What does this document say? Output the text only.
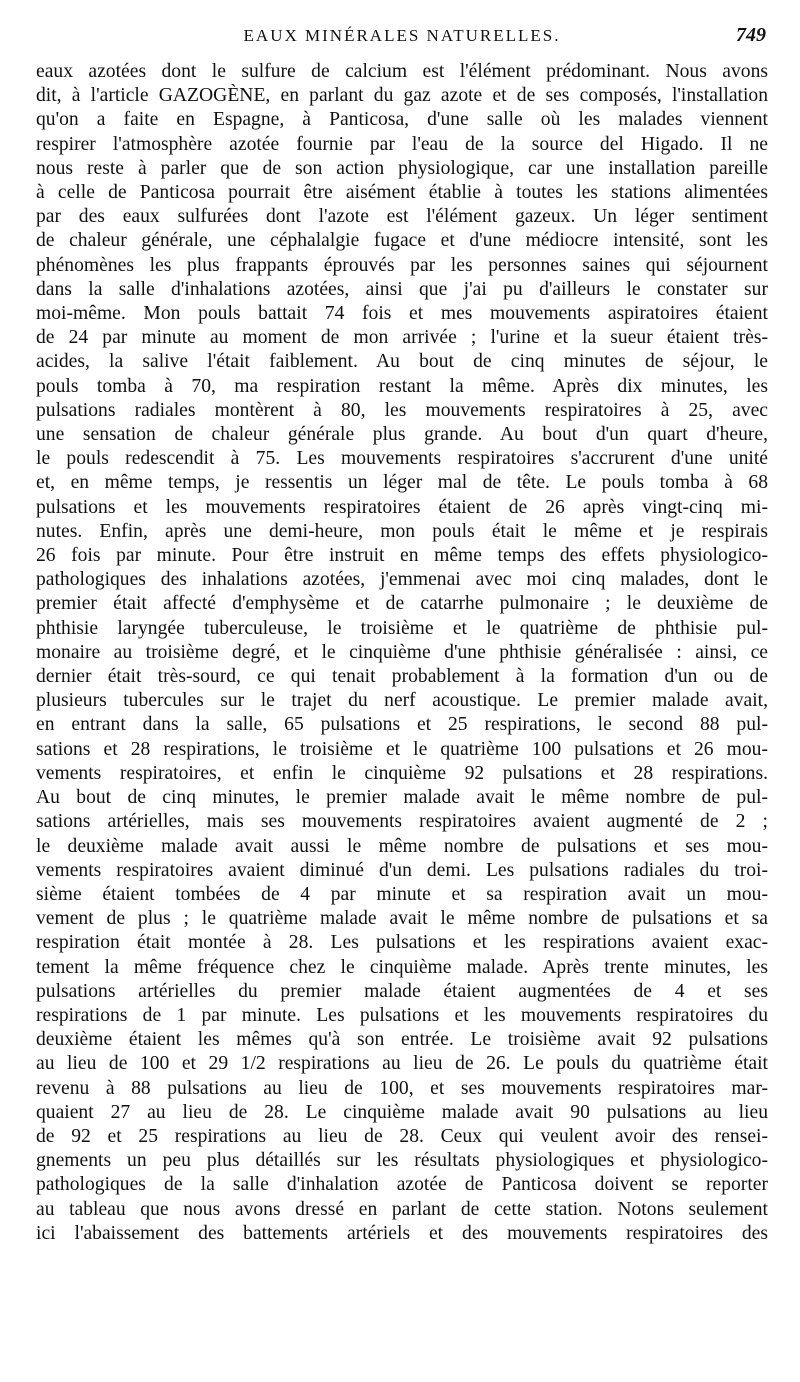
EAUX MINÉRALES NATURELLES.	749
eaux azotées dont le sulfure de calcium est l'élément prédominant. Nous avons
dit, à l'article GAZOGÈNE, en parlant du gaz azote et de ses composés, l'installation
qu'on a faite en Espagne, à Panticosa, d'une salle où les malades viennent
respirer l'atmosphère azotée fournie par l'eau de la source del Higado. Il ne
nous reste à parler que de son action physiologique, car une installation pareille
à celle de Panticosa pourrait être aisément établie à toutes les stations alimentées
par des eaux sulfurées dont l'azote est l'élément gazeux. Un léger sentiment
de chaleur générale, une céphalalgie fugace et d'une médiocre intensité, sont les
phénomènes les plus frappants éprouvés par les personnes saines qui séjournent
dans la salle d'inhalations azotées, ainsi que j'ai pu d'ailleurs le constater sur
moi-même. Mon pouls battait 74 fois et mes mouvements aspiratoires étaient
de 24 par minute au moment de mon arrivée ; l'urine et la sueur étaient très-
acides, la salive l'était faiblement. Au bout de cinq minutes de séjour, le
pouls tomba à 70, ma respiration restant la même. Après dix minutes, les
pulsations radiales montèrent à 80, les mouvements respiratoires à 25, avec
une sensation de chaleur générale plus grande. Au bout d'un quart d'heure,
le pouls redescendit à 75. Les mouvements respiratoires s'accrurent d'une unité
et, en même temps, je ressentis un léger mal de tête. Le pouls tomba à 68
pulsations et les mouvements respiratoires étaient de 26 après vingt-cinq mi-
nutes. Enfin, après une demi-heure, mon pouls était le même et je respirais
26 fois par minute. Pour être instruit en même temps des effets physiologico-
pathologiques des inhalations azotées, j'emmenai avec moi cinq malades, dont le
premier était affecté d'emphysème et de catarrhe pulmonaire ; le deuxième de
phthisie laryngée tuberculeuse, le troisième et le quatrième de phthisie pul-
monaire au troisième degré, et le cinquième d'une phthisie généralisée : ainsi, ce
dernier était très-sourd, ce qui tenait probablement à la formation d'un ou de
plusieurs tubercules sur le trajet du nerf acoustique. Le premier malade avait,
en entrant dans la salle, 65 pulsations et 25 respirations, le second 88 pul-
sations et 28 respirations, le troisième et le quatrième 100 pulsations et 26 mou-
vements respiratoires, et enfin le cinquième 92 pulsations et 28 respirations.
Au bout de cinq minutes, le premier malade avait le même nombre de pul-
sations artérielles, mais ses mouvements respiratoires avaient augmenté de 2 ;
le deuxième malade avait aussi le même nombre de pulsations et ses mou-
vements respiratoires avaient diminué d'un demi. Les pulsations radiales du troi-
sième étaient tombées de 4 par minute et sa respiration avait un mou-
vement de plus ; le quatrième malade avait le même nombre de pulsations et sa
respiration était montée à 28. Les pulsations et les respirations avaient exac-
tement la même fréquence chez le cinquième malade. Après trente minutes, les
pulsations artérielles du premier malade étaient augmentées de 4 et ses
respirations de 1 par minute. Les pulsations et les mouvements respiratoires du
deuxième étaient les mêmes qu'à son entrée. Le troisième avait 92 pulsations
au lieu de 100 et 29 1/2 respirations au lieu de 26. Le pouls du quatrième était
revenu à 88 pulsations au lieu de 100, et ses mouvements respiratoires mar-
quaient 27 au lieu de 28. Le cinquième malade avait 90 pulsations au lieu
de 92 et 25 respirations au lieu de 28. Ceux qui veulent avoir des rensei-
gnements un peu plus détaillés sur les résultats physiologiques et physiologico-
pathologiques de la salle d'inhalation azotée de Panticosa doivent se reporter
au tableau que nous avons dressé en parlant de cette station. Notons seulement
ici l'abaissement des battements artériels et des mouvements respiratoires des
